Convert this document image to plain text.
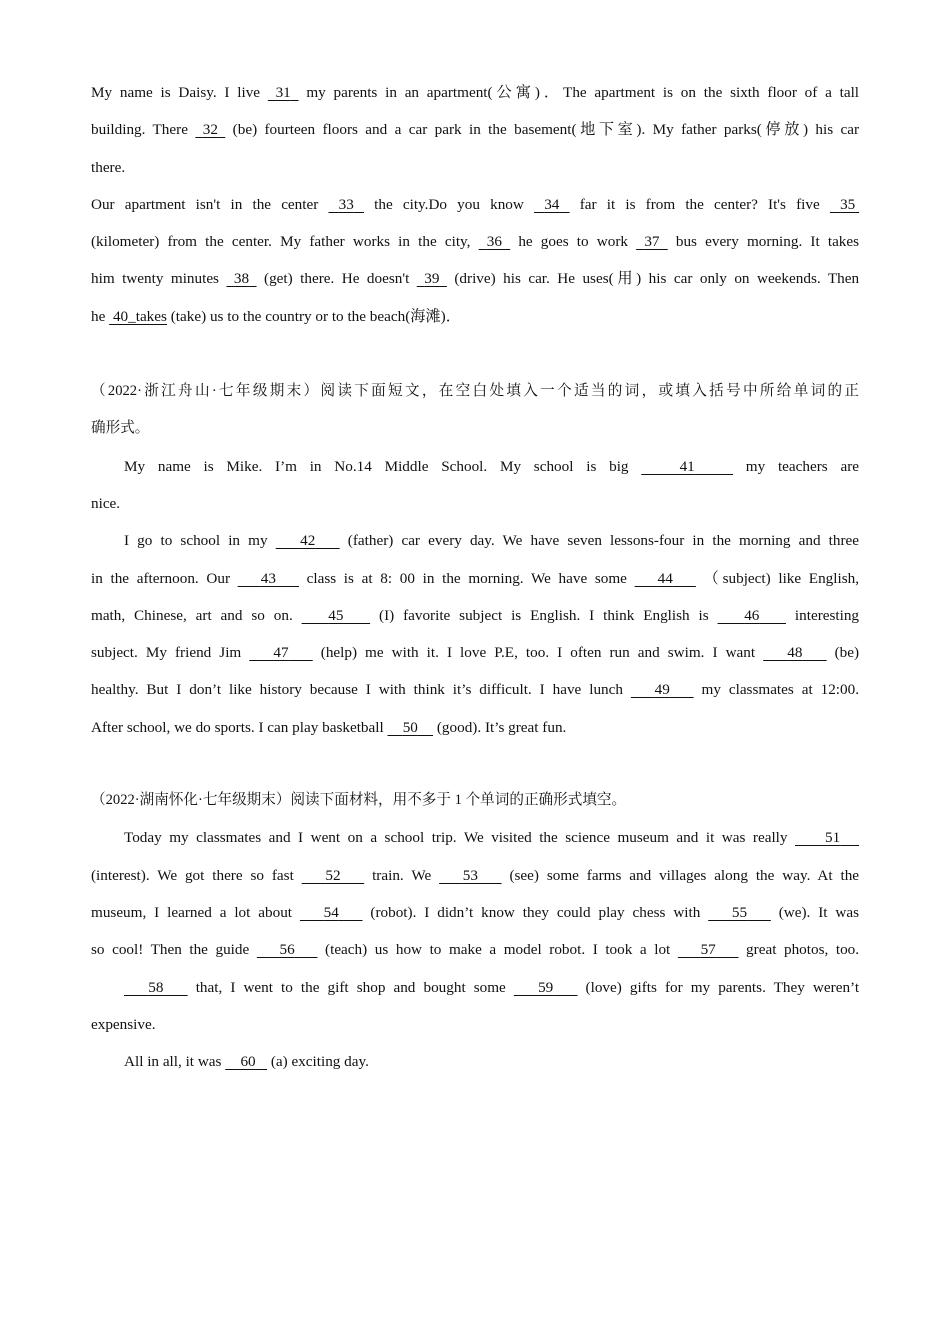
My name is Daisy. I live  31  my parents in an apartment(公寓)．The apartment is on the sixth floor of a tall
building. There  32  (be) fourteen floors and a car park in the basement(地下室). My father parks(停放) his car
there.
Our apartment isn't in the center  33  the city.Do you know  34  far it is from the center? It's five  35
(kilometer) from the center. My father works in the city,  36  he goes to work  37  bus every morning. It takes
him twenty minutes  38  (get) there. He doesn't  39  (drive) his car. He uses(用) his car only on weekends. Then
he  40_takes (take) us to the country or to the beach(海滩)．
（2022·浙江舟山·七年级期末）阅读下面短文，在空白处填入一个适当的词，或填入括号中所给单词的正
确形式。
My name is Mike. I’m in No.14 Middle School. My school is big	41	my teachers are
nice.
I go to school in my    42    (father) car every day. We have seven lessons-four in the morning and three
in the afternoon. Our    43    class is at 8: 00 in the morning. We have some    44    （subject) like English,
math, Chinese, art and so on.    45    (I) favorite subject is English. I think English is    46    interesting
subject. My friend Jim    47    (help) me with it. I love P.E, too. I often run and swim. I want    48    (be)
healthy. But I don’t like history because I with think it’s difficult. I have lunch    49    my classmates at 12:00.
After school, we do sports. I can play basketball     50     (good). It’s great fun.
（2022·湖南怀化·七年级期末）阅读下面材料，用不多于 1 个单词的正确形式填空。
Today my classmates and I went on a school trip. We visited the science museum and it was really     51
(interest). We got there so fast    52    train. We    53    (see) some farms and villages along the way. At the
museum, I learned a lot about    54    (robot). I didn’t know they could play chess with    55    (we). It was
so cool! Then the guide    56    (teach) us how to make a model robot. I took a lot    57    great photos, too.
58    that, I went to the gift shop and bought some    59    (love) gifts for my parents. They weren’t
expensive.
All in all, it was     60    (a) exciting day.
